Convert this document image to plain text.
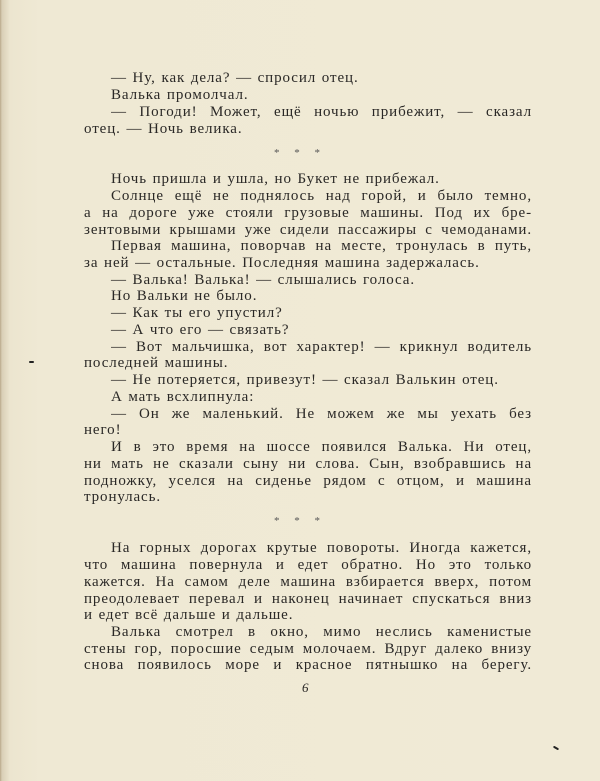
— Ну, как дела? — спросил отец.
Валька промолчал.
— Погоди! Может, ещё ночью прибежит, — сказал
отец. — Ночь велика.
* * *
Ночь пришла и ушла, но Букет не прибежал.
Солнце ещё не поднялось над горой, и было темно,
а на дороге уже стояли грузовые машины. Под их бре-
зентовыми крышами уже сидели пассажиры с чемоданами.
Первая машина, поворчав на месте, тронулась в путь,
за ней — остальные. Последняя машина задержалась.
— Валька! Валька! — слышались голоса.
Но Вальки не было.
— Как ты его упустил?
— А что его — связать?
— Вот мальчишка, вот характер! — крикнул водитель
последней машины.
— Не потеряется, привезут! — сказал Валькин отец.
А мать всхлипнула:
— Он же маленький. Не можем же мы уехать без
него!
И в это время на шоссе появился Валька. Ни отец,
ни мать не сказали сыну ни слова. Сын, взобравшись на
подножку, уселся на сиденье рядом с отцом, и машина
тронулась.
* * *
На горных дорогах крутые повороты. Иногда кажется,
что машина повернула и едет обратно. Но это только
кажется. На самом деле машина взбирается вверх, потом
преодолевает перевал и наконец начинает спускаться вниз
и едет всё дальше и дальше.
Валька смотрел в окно, мимо неслись каменистые
стены гор, поросшие седым молочаем. Вдруг далеко внизу
снова появилось море и красное пятнышко на берегу.
6
